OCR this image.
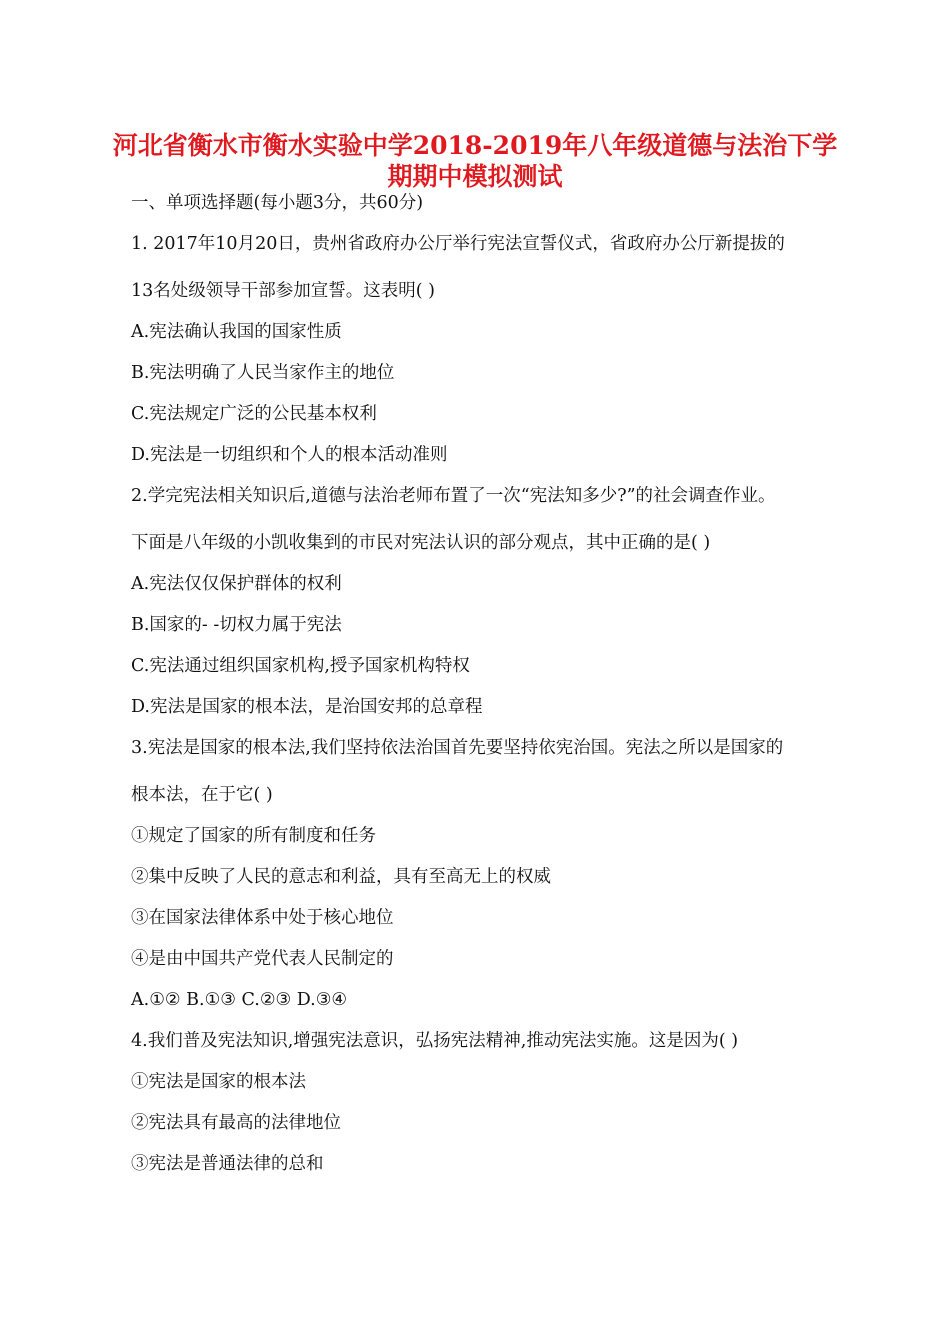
河北省衡水市衡水实验中学2018-2019年八年级道德与法治下学
期期中模拟测试
一、单项选择题(每小题3分，共60分)
1. 2017年10月20日，贵州省政府办公厅举行宪法宣誓仪式，省政府办公厅新提拔的
13名处级领导干部参加宣誓。这表明( )
A.宪法确认我国的国家性质
B.宪法明确了人民当家作主的地位
C.宪法规定广泛的公民基本权利
D.宪法是一切组织和个人的根本活动准则
2.学完宪法相关知识后,道德与法治老师布置了一次“宪法知多少?”的社会调查作业。
下面是八年级的小凯收集到的市民对宪法认识的部分观点，其中正确的是( )
A.宪法仅仅保护群体的权利
B.国家的- -切权力属于宪法
C.宪法通过组织国家机构,授予国家机构特权
D.宪法是国家的根本法，是治国安邦的总章程
3.宪法是国家的根本法,我们坚持依法治国首先要坚持依宪治国。宪法之所以是国家的
根本法，在于它( )
①规定了国家的所有制度和任务
②集中反映了人民的意志和利益，具有至高无上的权威
③在国家法律体系中处于核心地位
④是由中国共产党代表人民制定的
A.①② B.①③ C.②③ D.③④
4.我们普及宪法知识,增强宪法意识，弘扬宪法精神,推动宪法实施。这是因为( )
①宪法是国家的根本法
②宪法具有最高的法律地位
③宪法是普通法律的总和
